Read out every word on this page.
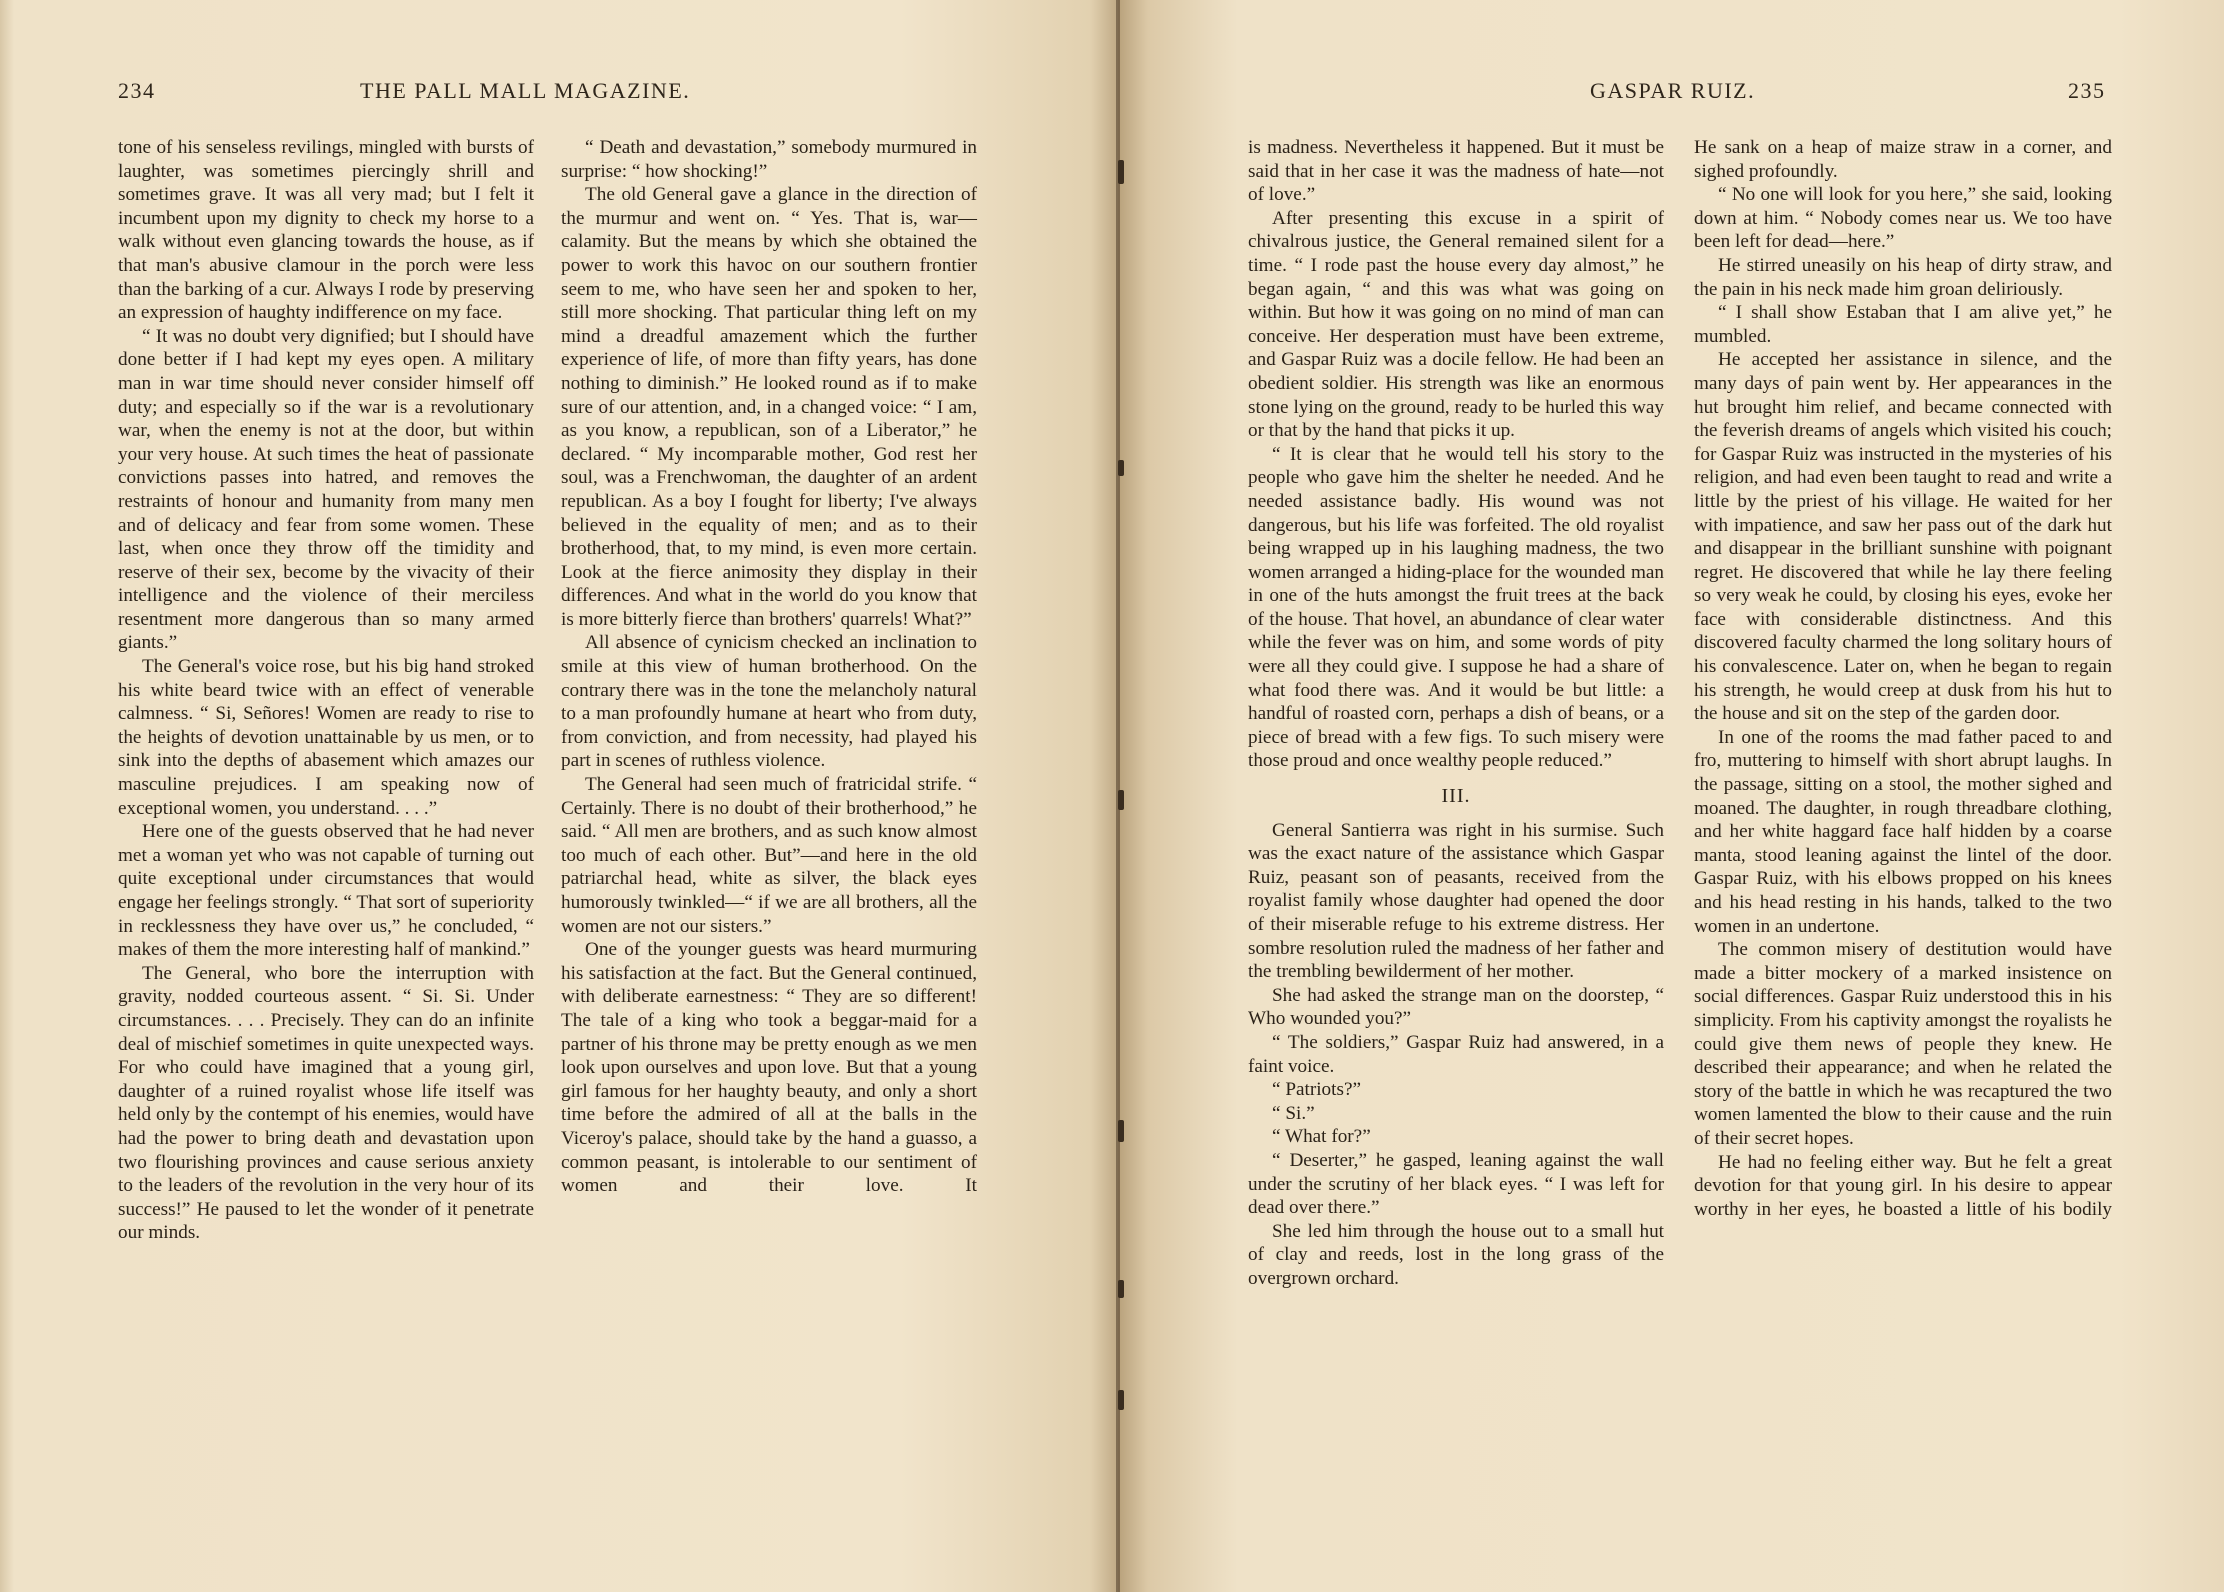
234	THE PALL MALL MAGAZINE.

tone of his senseless revilings, mingled with bursts of laughter, was sometimes piercingly shrill and sometimes grave. It was all very mad; but I felt it incumbent upon my dignity to check my horse to a walk without even glancing towards the house, as if that man's abusive clamour in the porch were less than the barking of a cur. Always I rode by preserving an expression of haughty indifference on my face.

“ It was no doubt very dignified; but I should have done better if I had kept my eyes open. A military man in war time should never consider himself off duty; and especially so if the war is a revolutionary war, when the enemy is not at the door, but within your very house. At such times the heat of passionate convictions passes into hatred, and removes the restraints of honour and humanity from many men and of delicacy and fear from some women. These last, when once they throw off the timidity and reserve of their sex, become by the vivacity of their intelligence and the violence of their merciless resentment more dangerous than so many armed giants.”

The General's voice rose, but his big hand stroked his white beard twice with an effect of venerable calmness. “ Si, Señores! Women are ready to rise to the heights of devotion unattainable by us men, or to sink into the depths of abasement which amazes our masculine prejudices. I am speaking now of exceptional women, you understand. . . .”

Here one of the guests observed that he had never met a woman yet who was not capable of turning out quite exceptional under circumstances that would engage her feelings strongly. “ That sort of superiority in recklessness they have over us,” he concluded, “ makes of them the more interesting half of mankind.”

The General, who bore the interruption with gravity, nodded courteous assent. “ Si. Si. Under circumstances. . . . Precisely. They can do an infinite deal of mischief sometimes in quite unexpected ways. For who could have imagined that a young girl, daughter of a ruined royalist whose life itself was held only by the contempt of his enemies, would have had the power to bring death and devastation upon two flourishing provinces and cause serious anxiety to the leaders of the revolution in the very hour of its success!” He paused to let the wonder of it penetrate our minds.

“ Death and devastation,” somebody murmured in surprise: “ how shocking!”

The old General gave a glance in the direction of the murmur and went on. “ Yes. That is, war—calamity. But the means by which she obtained the power to work this havoc on our southern frontier seem to me, who have seen her and spoken to her, still more shocking. That particular thing left on my mind a dreadful amazement which the further experience of life, of more than fifty years, has done nothing to diminish.” He looked round as if to make sure of our attention, and, in a changed voice: “ I am, as you know, a republican, son of a Liberator,” he declared. “ My incomparable mother, God rest her soul, was a Frenchwoman, the daughter of an ardent republican. As a boy I fought for liberty; I've always believed in the equality of men; and as to their brotherhood, that, to my mind, is even more certain. Look at the fierce animosity they display in their differences. And what in the world do you know that is more bitterly fierce than brothers' quarrels! What?”

All absence of cynicism checked an inclination to smile at this view of human brotherhood. On the contrary there was in the tone the melancholy natural to a man profoundly humane at heart who from duty, from conviction, and from necessity, had played his part in scenes of ruthless violence.

The General had seen much of fratricidal strife. “ Certainly. There is no doubt of their brotherhood,” he said. “ All men are brothers, and as such know almost too much of each other. But”—and here in the old patriarchal head, white as silver, the black eyes humorously twinkled—“ if we are all brothers, all the women are not our sisters.”

One of the younger guests was heard murmuring his satisfaction at the fact. But the General continued, with deliberate earnestness: “ They are so different! The tale of a king who took a beggar-maid for a partner of his throne may be pretty enough as we men look upon ourselves and upon love. But that a young girl famous for her haughty beauty, and only a short time before the admired of all at the balls in the Viceroy's palace, should take by the hand a guasso, a common peasant, is intolerable to our sentiment of women and their love. It

GASPAR RUIZ.	235

is madness. Nevertheless it happened. But it must be said that in her case it was the madness of hate—not of love.”

After presenting this excuse in a spirit of chivalrous justice, the General remained silent for a time. “ I rode past the house every day almost,” he began again, “ and this was what was going on within. But how it was going on no mind of man can conceive. Her desperation must have been extreme, and Gaspar Ruiz was a docile fellow. He had been an obedient soldier. His strength was like an enormous stone lying on the ground, ready to be hurled this way or that by the hand that picks it up.

“ It is clear that he would tell his story to the people who gave him the shelter he needed. And he needed assistance badly. His wound was not dangerous, but his life was forfeited. The old royalist being wrapped up in his laughing madness, the two women arranged a hiding-place for the wounded man in one of the huts amongst the fruit trees at the back of the house. That hovel, an abundance of clear water while the fever was on him, and some words of pity were all they could give. I suppose he had a share of what food there was. And it would be but little: a handful of roasted corn, perhaps a dish of beans, or a piece of bread with a few figs. To such misery were those proud and once wealthy people reduced.”

III.

General Santierra was right in his surmise. Such was the exact nature of the assistance which Gaspar Ruiz, peasant son of peasants, received from the royalist family whose daughter had opened the door of their miserable refuge to his extreme distress. Her sombre resolution ruled the madness of her father and the trembling bewilderment of her mother.

She had asked the strange man on the doorstep, “ Who wounded you?”

“ The soldiers,” Gaspar Ruiz had answered, in a faint voice.

“ Patriots?”

“ Si.”

“ What for?”

“ Deserter,” he gasped, leaning against the wall under the scrutiny of her black eyes. “ I was left for dead over there.”

She led him through the house out to a small hut of clay and reeds, lost in the long grass of the overgrown orchard.

He sank on a heap of maize straw in a corner, and sighed profoundly.

“ No one will look for you here,” she said, looking down at him. “ Nobody comes near us. We too have been left for dead—here.”

He stirred uneasily on his heap of dirty straw, and the pain in his neck made him groan deliriously.

“ I shall show Estaban that I am alive yet,” he mumbled.

He accepted her assistance in silence, and the many days of pain went by. Her appearances in the hut brought him relief, and became connected with the feverish dreams of angels which visited his couch; for Gaspar Ruiz was instructed in the mysteries of his religion, and had even been taught to read and write a little by the priest of his village. He waited for her with impatience, and saw her pass out of the dark hut and disappear in the brilliant sunshine with poignant regret. He discovered that while he lay there feeling so very weak he could, by closing his eyes, evoke her face with considerable distinctness. And this discovered faculty charmed the long solitary hours of his convalescence. Later on, when he began to regain his strength, he would creep at dusk from his hut to the house and sit on the step of the garden door.

In one of the rooms the mad father paced to and fro, muttering to himself with short abrupt laughs. In the passage, sitting on a stool, the mother sighed and moaned. The daughter, in rough threadbare clothing, and her white haggard face half hidden by a coarse manta, stood leaning against the lintel of the door. Gaspar Ruiz, with his elbows propped on his knees and his head resting in his hands, talked to the two women in an undertone.

The common misery of destitution would have made a bitter mockery of a marked insistence on social differences. Gaspar Ruiz understood this in his simplicity. From his captivity amongst the royalists he could give them news of people they knew. He described their appearance; and when he related the story of the battle in which he was recaptured the two women lamented the blow to their cause and the ruin of their secret hopes.

He had no feeling either way. But he felt a great devotion for that young girl. In his desire to appear worthy in her eyes, he boasted a little of his bodily
